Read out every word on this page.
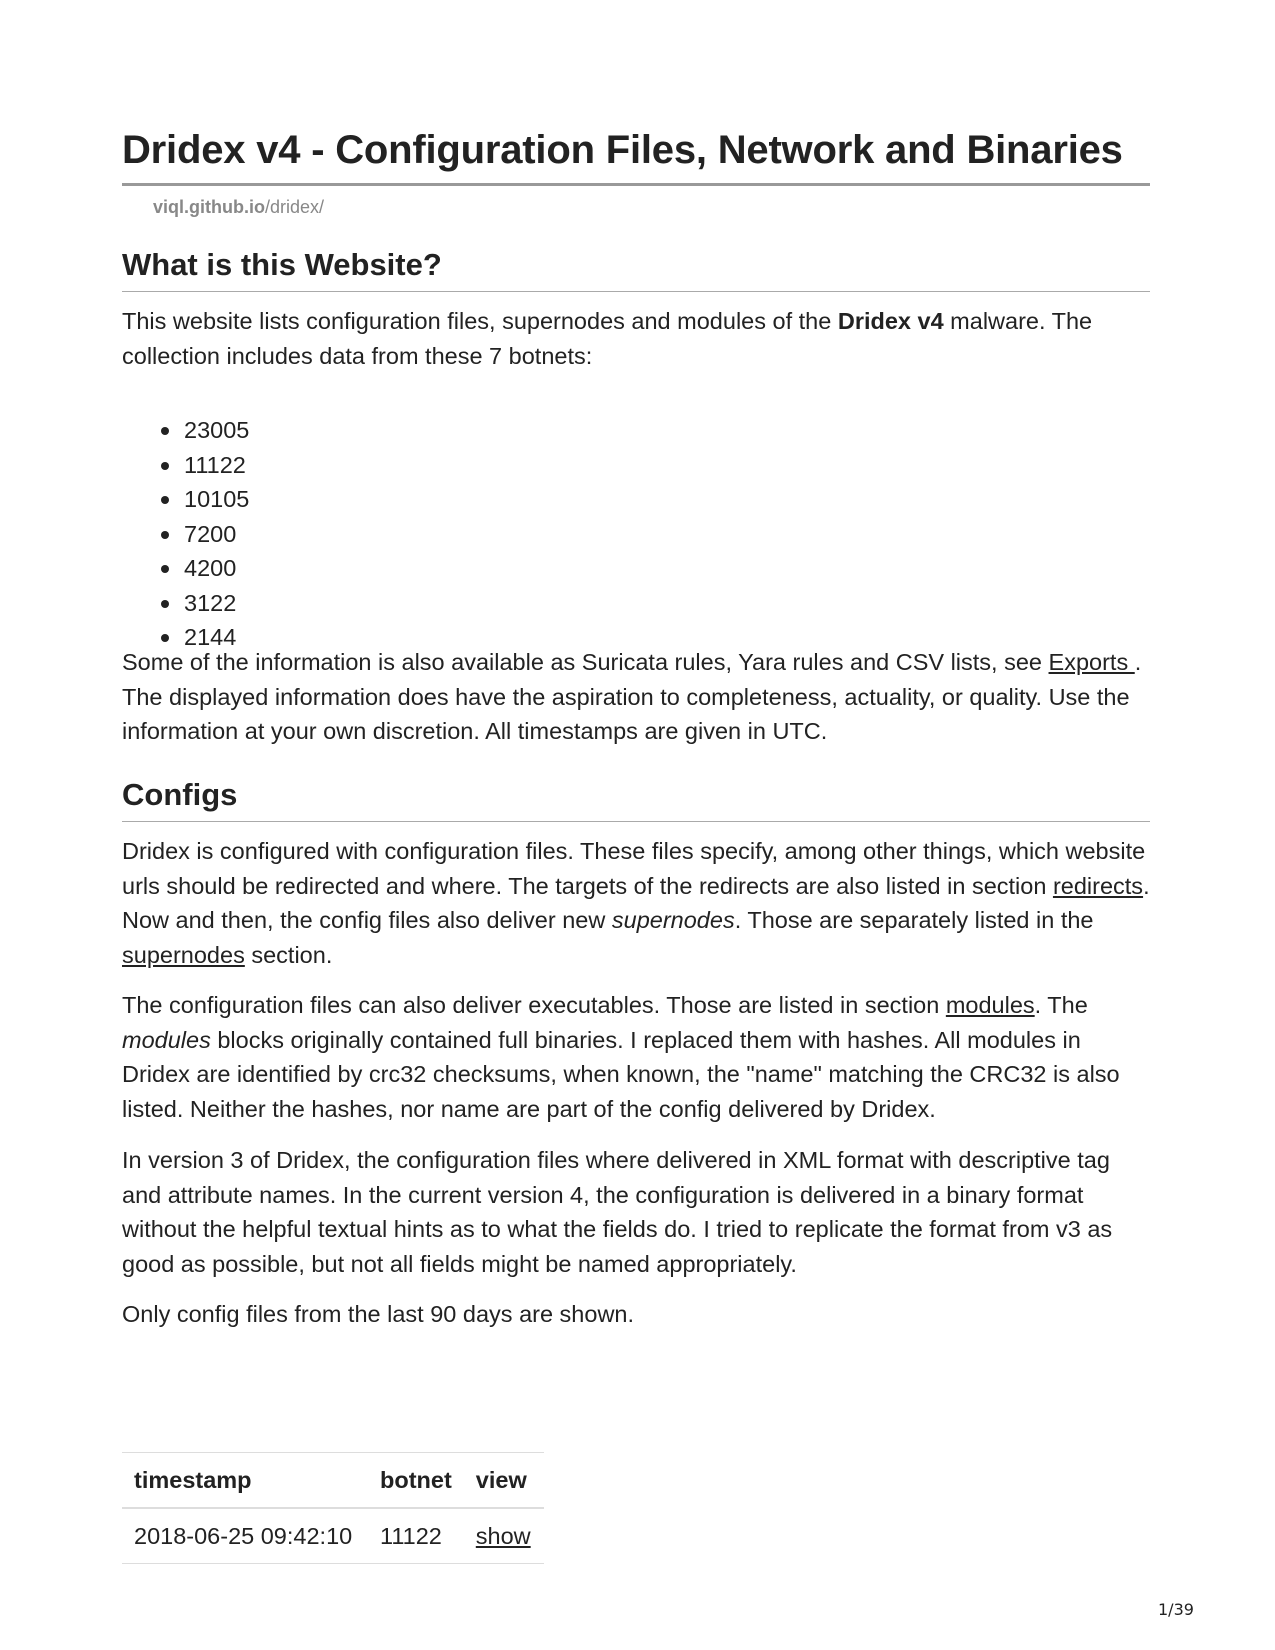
Dridex v4 - Configuration Files, Network and Binaries
viql.github.io/dridex/
What is this Website?

This website lists configuration files, supernodes and modules of the Dridex v4 malware. The collection includes data from these 7 botnets:

23005
11122
10105
7200
4200
3122
2144

Some of the information is also available as Suricata rules, Yara rules and CSV lists, see Exports . The displayed information does have the aspiration to completeness, actuality, or quality. Use the information at your own discretion. All timestamps are given in UTC.

Configs

Dridex is configured with configuration files. These files specify, among other things, which website urls should be redirected and where. The targets of the redirects are also listed in section redirects. Now and then, the config files also deliver new supernodes. Those are separately listed in the supernodes section.

The configuration files can also deliver executables. Those are listed in section modules. The modules blocks originally contained full binaries. I replaced them with hashes. All modules in Dridex are identified by crc32 checksums, when known, the "name" matching the CRC32 is also listed. Neither the hashes, nor name are part of the config delivered by Dridex.

In version 3 of Dridex, the configuration files where delivered in XML format with descriptive tag and attribute names. In the current version 4, the configuration is delivered in a binary format without the helpful textual hints as to what the fields do. I tried to replicate the format from v3 as good as possible, but not all fields might be named appropriately.

Only config files from the last 90 days are shown.

timestamp	botnet	view
2018-06-25 09:42:10	11122	show
1/39
